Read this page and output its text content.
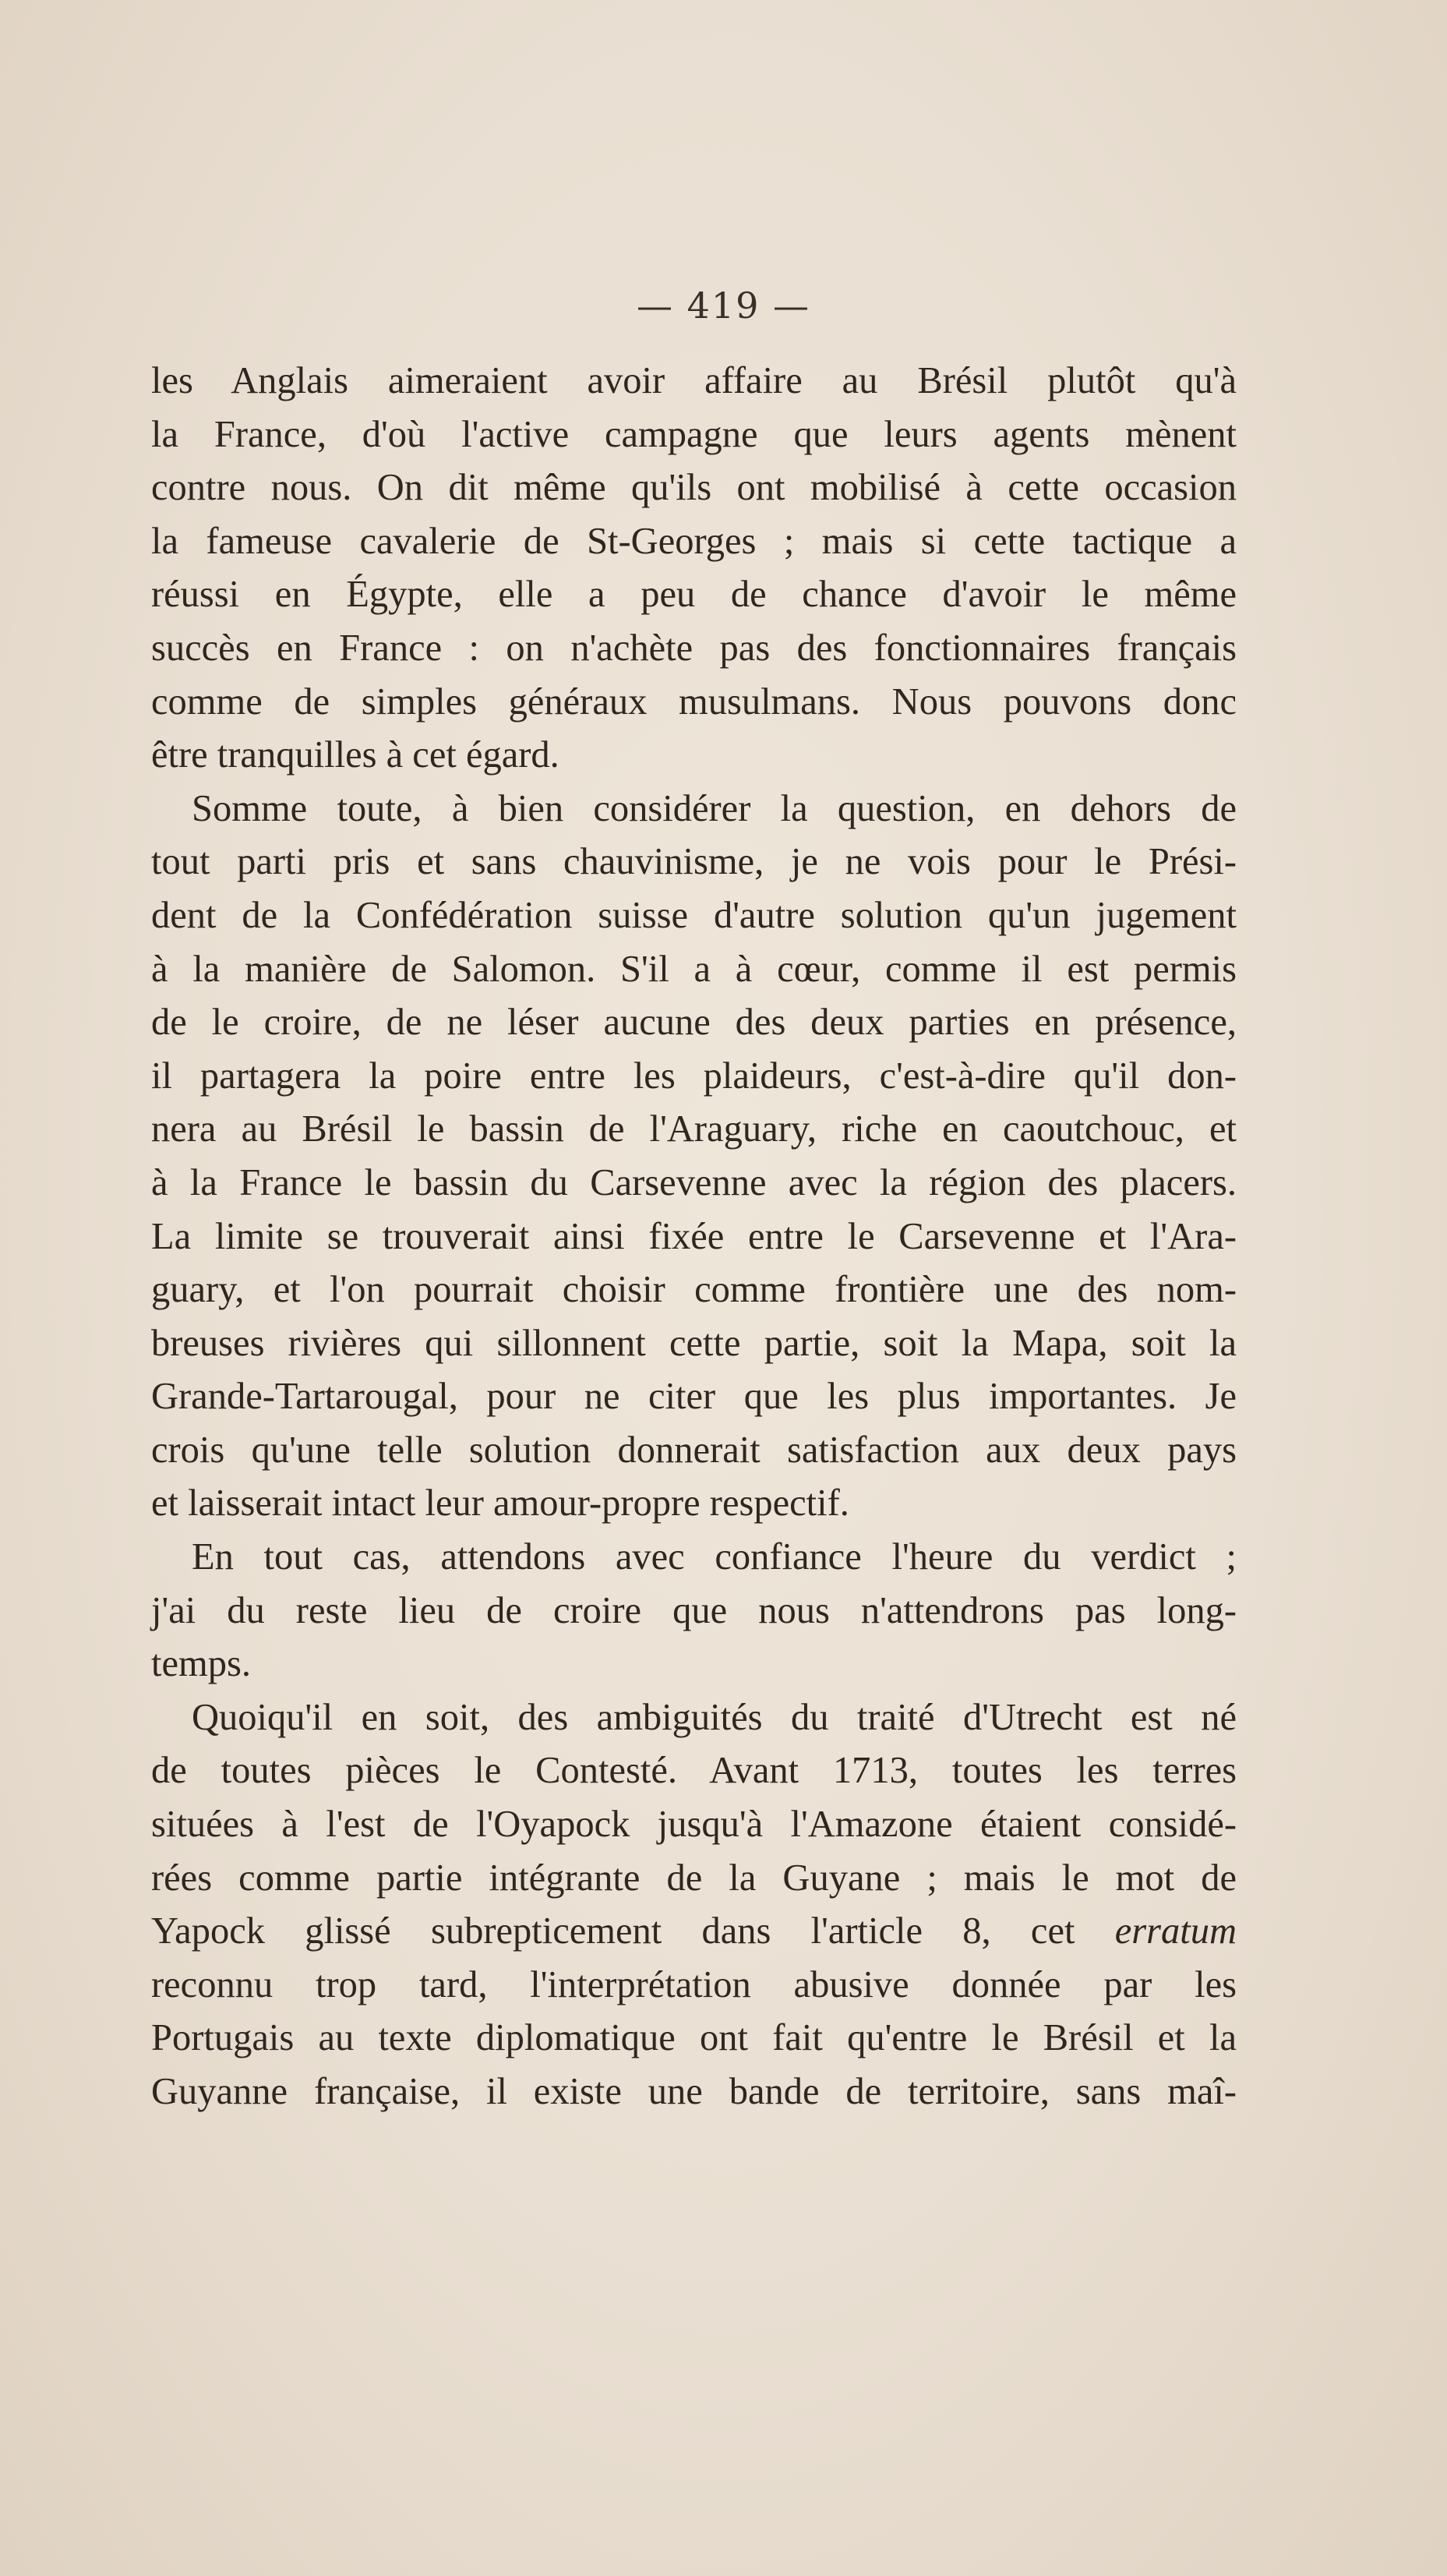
— 419 —
les Anglais aimeraient avoir affaire au Brésil plutôt qu'à
la France, d'où l'active campagne que leurs agents mènent
contre nous. On dit même qu'ils ont mobilisé à cette occasion
la fameuse cavalerie de St-Georges ; mais si cette tactique a
réussi en Égypte, elle a peu de chance d'avoir le même
succès en France : on n'achète pas des fonctionnaires français
comme de simples généraux musulmans. Nous pouvons donc
être tranquilles à cet égard.
Somme toute, à bien considérer la question, en dehors de
tout parti pris et sans chauvinisme, je ne vois pour le Prési-
dent de la Confédération suisse d'autre solution qu'un jugement
à la manière de Salomon. S'il a à cœur, comme il est permis
de le croire, de ne léser aucune des deux parties en présence,
il partagera la poire entre les plaideurs, c'est-à-dire qu'il don-
nera au Brésil le bassin de l'Araguary, riche en caoutchouc, et
à la France le bassin du Carsevenne avec la région des placers.
La limite se trouverait ainsi fixée entre le Carsevenne et l'Ara-
guary, et l'on pourrait choisir comme frontière une des nom-
breuses rivières qui sillonnent cette partie, soit la Mapa, soit la
Grande-Tartarougal, pour ne citer que les plus importantes. Je
crois qu'une telle solution donnerait satisfaction aux deux pays
et laisserait intact leur amour-propre respectif.
En tout cas, attendons avec confiance l'heure du verdict ;
j'ai du reste lieu de croire que nous n'attendrons pas long-
temps.
Quoiqu'il en soit, des ambiguités du traité d'Utrecht est né
de toutes pièces le Contesté. Avant 1713, toutes les terres
situées à l'est de l'Oyapock jusqu'à l'Amazone étaient considé-
rées comme partie intégrante de la Guyane ; mais le mot de
Yapock glissé subrepticement dans l'article 8, cet erratum
reconnu trop tard, l'interprétation abusive donnée par les
Portugais au texte diplomatique ont fait qu'entre le Brésil et la
Guyanne française, il existe une bande de territoire, sans maî-
